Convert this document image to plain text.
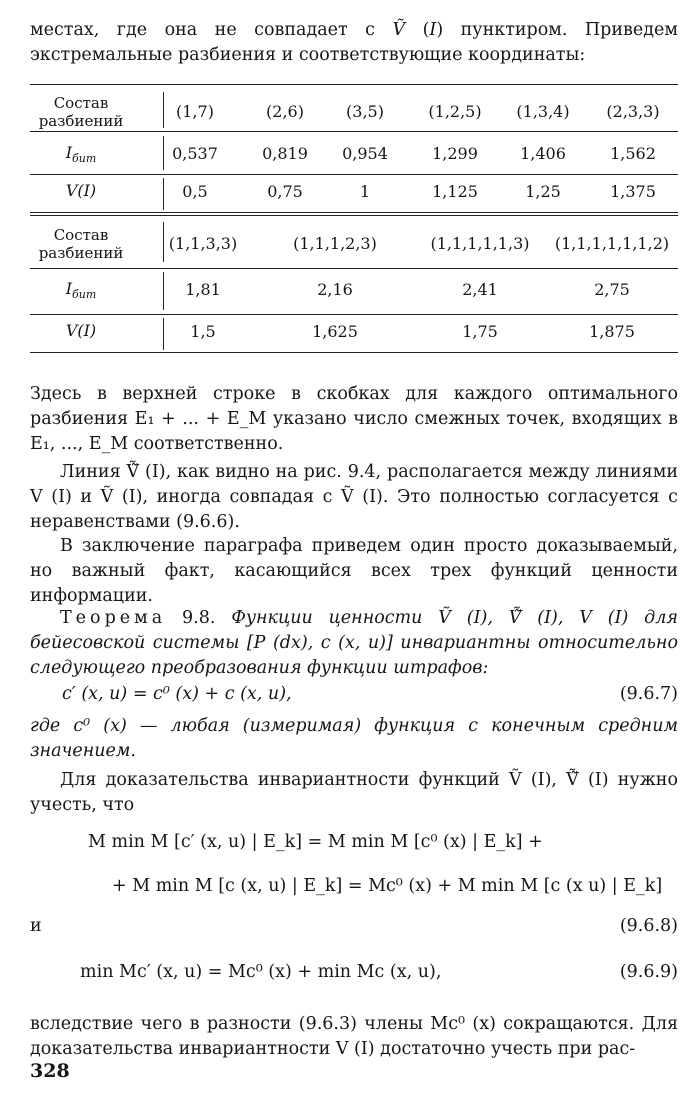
местах, где она не совпадает с Ṽ (I) пунктиром. Приведем экстремальные разбиения и соответствующие координаты:

Состав
разбиений	(1,7)	(2,6)	(3,5)	(1,2,5)	(1,3,4)	(2,3,3)
$I_{бит}$	0,537	0,819	0,954	1,299	1,406	1,562
V(I)	0,5	0,75	1	1,125	1,25	1,375
Состав
разбиений	(1,1,3,3)	(1,1,1,2,3)	(1,1,1,1,1,3)	(1,1,1,1,1,1,2)
$I_{бит}$	1,81	2,16	2,41	2,75
V(I)	1,5	1,625	1,75	1,875

Здесь в верхней строке в скобках для каждого оптимального разбиения E₁ + ... + E_M указано число смежных точек, входящих в E₁, ..., E_M соответственно.

Линия Ṽ̃ (I), как видно на рис. 9.4, располагается между линиями V (I) и Ṽ (I), иногда совпадая с Ṽ (I). Это полностью согласуется с неравенствами (9.6.6).

В заключение параграфа приведем один просто доказываемый, но важный факт, касающийся всех трех функций ценности информации.

Теорема 9.8. Функции ценности Ṽ (I), Ṽ̃ (I), V (I) для бейесовской системы [P (dx), c (x, u)] инвариантны относительно следующего преобразования функции штрафов:

c′ (x, u) = c⁰ (x) + c (x, u),	(9.6.7)

где c⁰ (x) — любая (измеримая) функция с конечным средним значением.

Для доказательства инвариантности функций Ṽ (I), Ṽ̃ (I) нужно учесть, что

M min M [c′ (x, u) | E_k] = M min M [c⁰ (x) | E_k] +
+ M min M [c (x, u) | E_k] = Mc⁰ (x) + M min M [c (x u) | E_k]
и	(9.6.8)
min Mc′ (x, u) = Mc⁰ (x) + min Mc (x, u),	(9.6.9)

вследствие чего в разности (9.6.3) члены Mc⁰ (x) сокращаются. Для доказательства инвариантности V (I) достаточно учесть при рас-

328
